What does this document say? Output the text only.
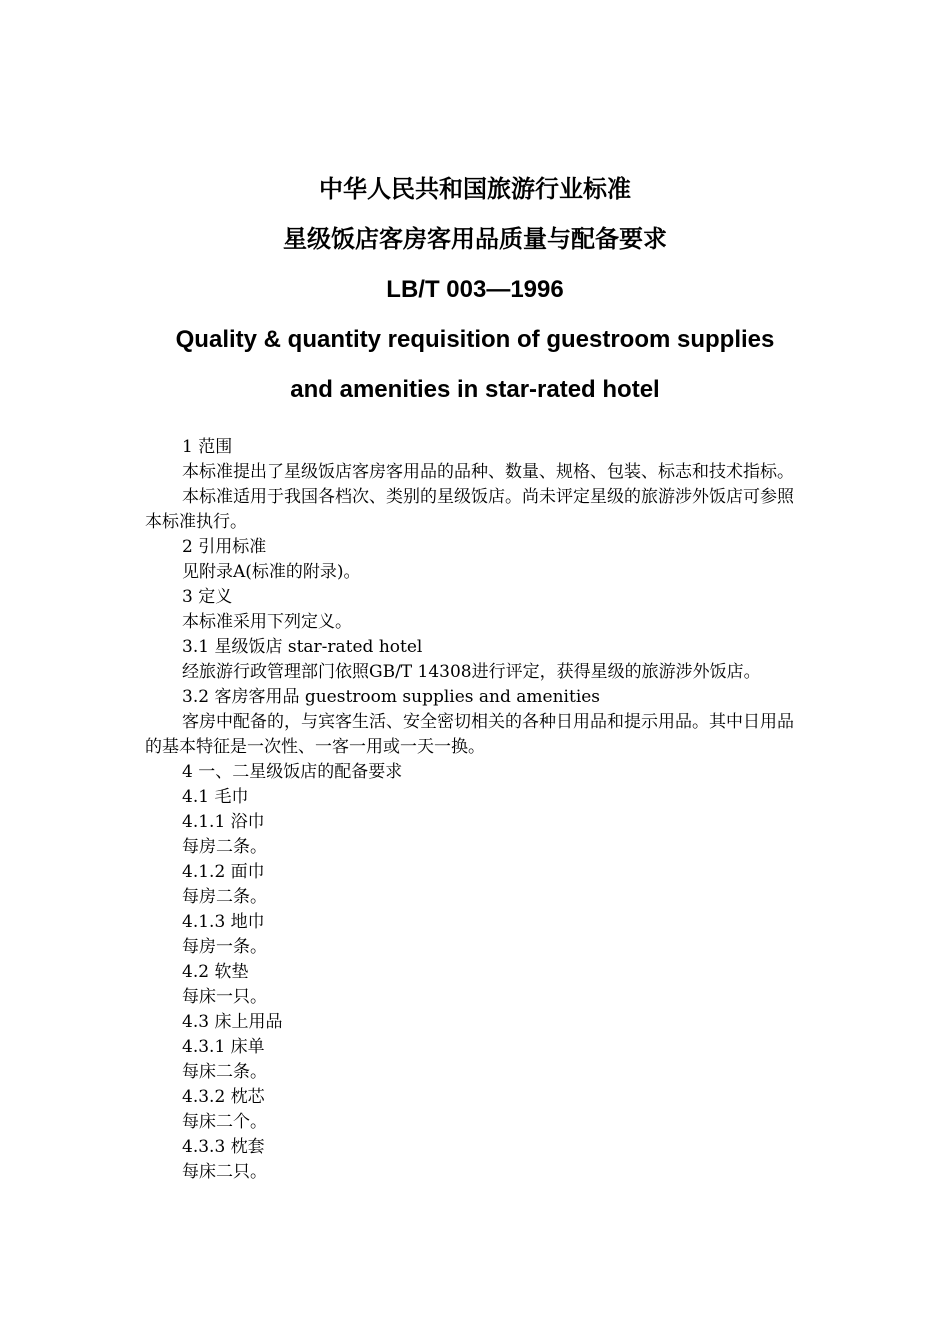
中华人民共和国旅游行业标准
星级饭店客房客用品质量与配备要求
LB/T 003—1996
Quality & quantity requisition of guestroom supplies
and amenities in star-rated hotel

1 范围

本标准提出了星级饭店客房客用品的品种、数量、规格、包装、标志和技术指标。

本标准适用于我国各档次、类别的星级饭店。尚未评定星级的旅游涉外饭店可参照本标准执行。

2 引用标准

见附录A(标准的附录)。

3 定义

本标准采用下列定义。

3.1 星级饭店 star-rated hotel

经旅游行政管理部门依照GB/T 14308进行评定，获得星级的旅游涉外饭店。

3.2 客房客用品 guestroom supplies and amenities

客房中配备的，与宾客生活、安全密切相关的各种日用品和提示用品。其中日用品的基本特征是一次性、一客一用或一天一换。

4 一、二星级饭店的配备要求

4.1 毛巾

4.1.1 浴巾

每房二条。

4.1.2 面巾

每房二条。

4.1.3 地巾

每房一条。

4.2 软垫

每床一只。

4.3 床上用品

4.3.1 床单

每床二条。

4.3.2 枕芯

每床二个。

4.3.3 枕套

每床二只。
